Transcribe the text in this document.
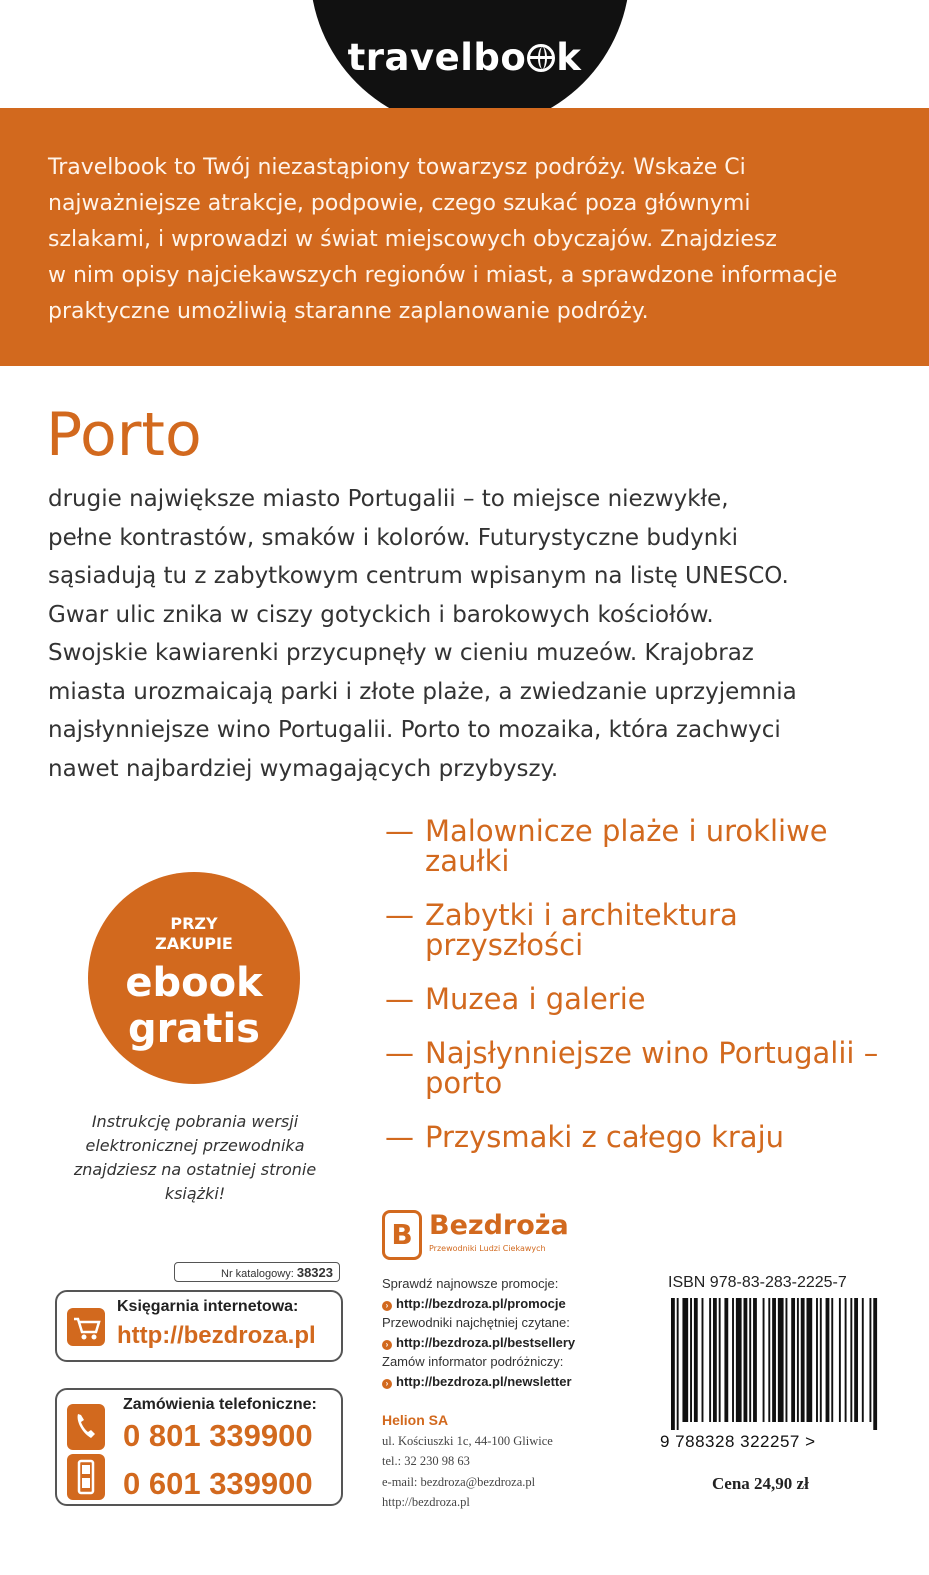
travelbo k
Travelbook to Twój niezastąpiony towarzysz podróży. Wskaże Ci
najważniejsze atrakcje, podpowie, czego szukać poza głównymi
szlakami, i wprowadzi w świat miejscowych obyczajów. Znajdziesz
w nim opisy najciekawszych regionów i miast, a sprawdzone informacje
praktyczne umożliwią staranne zaplanowanie podróży.
Porto
drugie największe miasto Portugalii – to miejsce niezwykłe,
pełne kontrastów, smaków i kolorów. Futurystyczne budynki
sąsiadują tu z zabytkowym centrum wpisanym na listę UNESCO.
Gwar ulic znika w ciszy gotyckich i barokowych kościołów.
Swojskie kawiarenki przycupnęły w cieniu muzeów. Krajobraz
miasta urozmaicają parki i złote plaże, a zwiedzanie uprzyjemnia
najsłynniejsze wino Portugalii. Porto to mozaika, która zachwyci
nawet najbardziej wymagających przybyszy.
— Malownicze plaże i urokliwe zaułki
— Zabytki i architektura przyszłości
— Muzea i galerie
— Najsłynniejsze wino Portugalii – porto
— Przysmaki z całego kraju
PRZY
ZAKUPIE
ebook
gratis
Instrukcję pobrania wersji elektronicznej przewodnika znajdziesz na ostatniej stronie książki!
Nr katalogowy: 38323
Księgarnia internetowa:
http://bezdroza.pl
Zamówienia telefoniczne:
0 801 339900
0 601 339900
B Bezdroża
Przewodniki Ludzi Ciekawych
Sprawdź najnowsze promocje:
› http://bezdroza.pl/promocje
Przewodniki najchętniej czytane:
› http://bezdroza.pl/bestsellery
Zamów informator podróżniczy:
› http://bezdroza.pl/newsletter
Helion SA
ul. Kościuszki 1c, 44-100 Gliwice
tel.: 32 230 98 63
e-mail: bezdroza@bezdroza.pl
http://bezdroza.pl
ISBN 978-83-283-2225-7
9 788328 322257 >
Cena 24,90 zł
